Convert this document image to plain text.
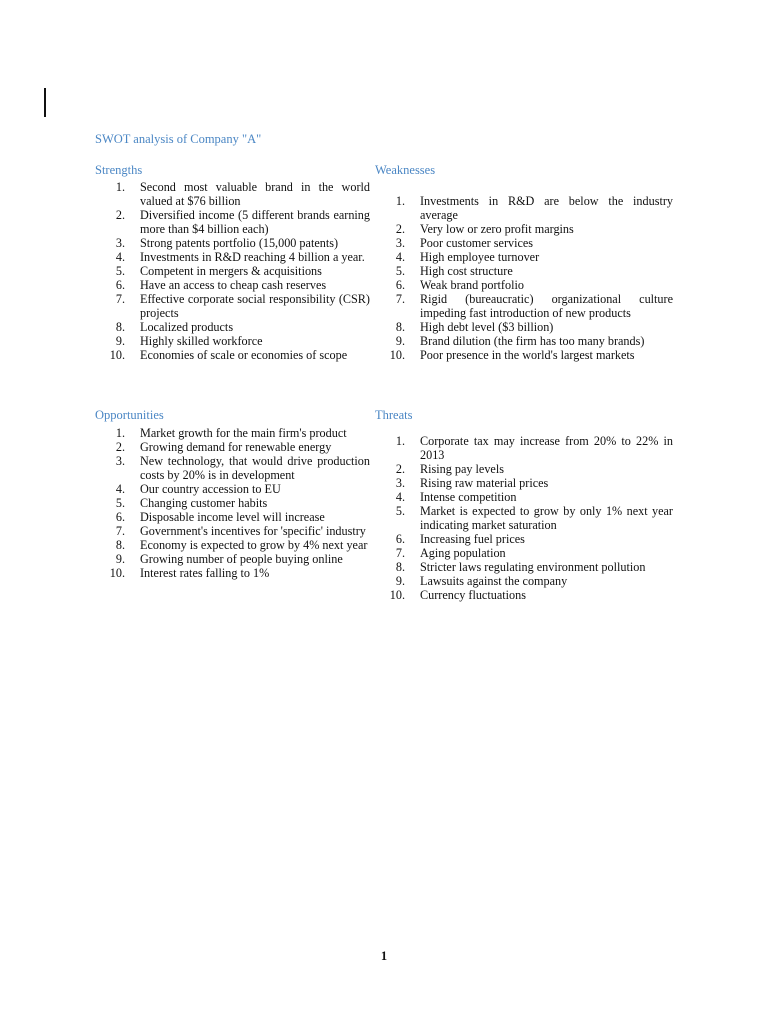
SWOT analysis of Company "A"
Strengths
1. Second most valuable brand in the world valued at $76 billion
2. Diversified income (5 different brands earning more than $4 billion each)
3. Strong patents portfolio (15,000 patents)
4. Investments in R&D reaching 4 billion a year.
5. Competent in mergers & acquisitions
6. Have an access to cheap cash reserves
7. Effective corporate social responsibility (CSR) projects
8. Localized products
9. Highly skilled workforce
10. Economies of scale or economies of scope
Weaknesses
1. Investments in R&D are below the industry average
2. Very low or zero profit margins
3. Poor customer services
4. High employee turnover
5. High cost structure
6. Weak brand portfolio
7. Rigid (bureaucratic) organizational culture impeding fast introduction of new products
8. High debt level ($3 billion)
9. Brand dilution (the firm has too many brands)
10. Poor presence in the world's largest markets
Opportunities
1. Market growth for the main firm's product
2. Growing demand for renewable energy
3. New technology, that would drive production costs by 20% is in development
4. Our country accession to EU
5. Changing customer habits
6. Disposable income level will increase
7. Government's incentives for 'specific' industry
8. Economy is expected to grow by 4% next year
9. Growing number of people buying online
10. Interest rates falling to 1%
Threats
1. Corporate tax may increase from 20% to 22% in 2013
2. Rising pay levels
3. Rising raw material prices
4. Intense competition
5. Market is expected to grow by only 1% next year indicating market saturation
6. Increasing fuel prices
7. Aging population
8. Stricter laws regulating environment pollution
9. Lawsuits against the company
10. Currency fluctuations
1
